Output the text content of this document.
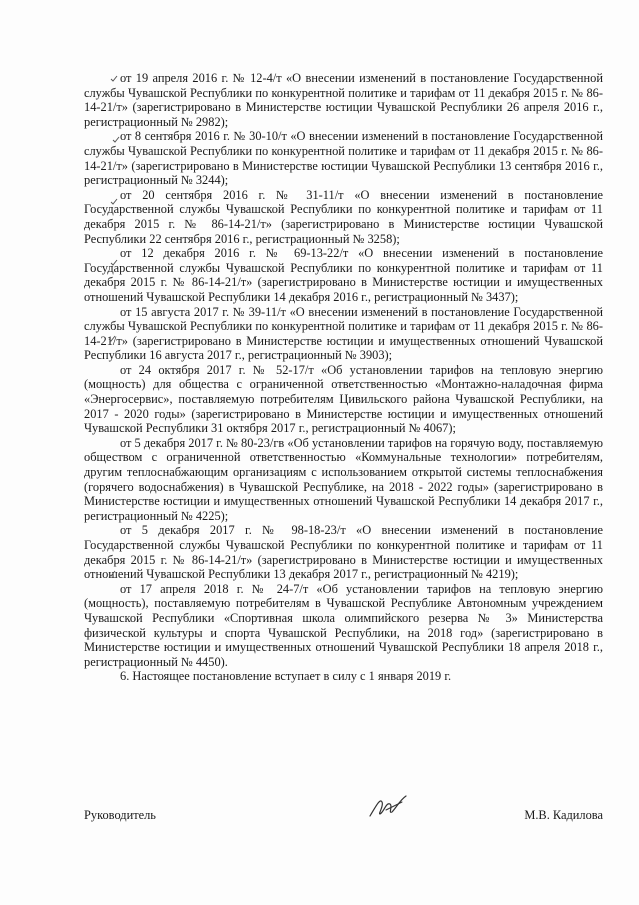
от 19 апреля 2016 г. № 12-4/т «О внесении изменений в постановление Государственной службы Чувашской Республики по конкурентной политике и тарифам от 11 декабря 2015 г. № 86-14-21/т» (зарегистрировано в Министерстве юстиции Чувашской Республики 26 апреля 2016 г., регистрационный № 2982);

от 8 сентября 2016 г. № 30-10/т «О внесении изменений в постановление Государственной службы Чувашской Республики по конкурентной политике и тарифам от 11 декабря 2015 г. № 86-14-21/т» (зарегистрировано в Министерстве юстиции Чувашской Республики 13 сентября 2016 г., регистрационный № 3244);

от 20 сентября 2016 г. № 31-11/т «О внесении изменений в постановление Государственной службы Чувашской Республики по конкурентной политике и тарифам от 11 декабря 2015 г. № 86-14-21/т» (зарегистрировано в Министерстве юстиции Чувашской Республики 22 сентября 2016 г., регистрационный № 3258);

от 12 декабря 2016 г. № 69-13-22/т «О внесении изменений в постановление Государственной службы Чувашской Республики по конкурентной политике и тарифам от 11 декабря 2015 г. № 86-14-21/т» (зарегистрировано в Министерстве юстиции и имущественных отношений Чувашской Республики 14 декабря 2016 г., регистрационный № 3437);

от 15 августа 2017 г. № 39-11/т «О внесении изменений в постановление Государственной службы Чувашской Республики по конкурентной политике и тарифам от 11 декабря 2015 г. № 86-14-21/т» (зарегистрировано в Министерстве юстиции и имущественных отношений Чувашской Республики 16 августа 2017 г., регистрационный № 3903);

от 24 октября 2017 г. № 52-17/т «Об установлении тарифов на тепловую энергию (мощность) для общества с ограниченной ответственностью «Монтажно-наладочная фирма «Энергосервис», поставляемую потребителям Цивильского района Чувашской Республики, на 2017 - 2020 годы» (зарегистрировано в Министерстве юстиции и имущественных отношений Чувашской Республики 31 октября 2017 г., регистрационный № 4067);

от 5 декабря 2017 г. № 80-23/гв «Об установлении тарифов на горячую воду, поставляемую обществом с ограниченной ответственностью «Коммунальные технологии» потребителям, другим теплоснабжающим организациям с использованием открытой системы теплоснабжения (горячего водоснабжения) в Чувашской Республике, на 2018 - 2022 годы» (зарегистрировано в Министерстве юстиции и имущественных отношений Чувашской Республики 14 декабря 2017 г., регистрационный № 4225);

от 5 декабря 2017 г. № 98-18-23/т «О внесении изменений в постановление Государственной службы Чувашской Республики по конкурентной политике и тарифам от 11 декабря 2015 г. № 86-14-21/т» (зарегистрировано в Министерстве юстиции и имущественных отношений Чувашской Республики 13 декабря 2017 г., регистрационный № 4219);

от 17 апреля 2018 г. № 24-7/т «Об установлении тарифов на тепловую энергию (мощность), поставляемую потребителям в Чувашской Республике Автономным учреждением Чувашской Республики «Спортивная школа олимпийского резерва № 3» Министерства физической культуры и спорта Чувашской Республики, на 2018 год» (зарегистрировано в Министерстве юстиции и имущественных отношений Чувашской Республики 18 апреля 2018 г., регистрационный № 4450).

6. Настоящее постановление вступает в силу с 1 января 2019 г.

Руководитель	М.В. Кадилова
